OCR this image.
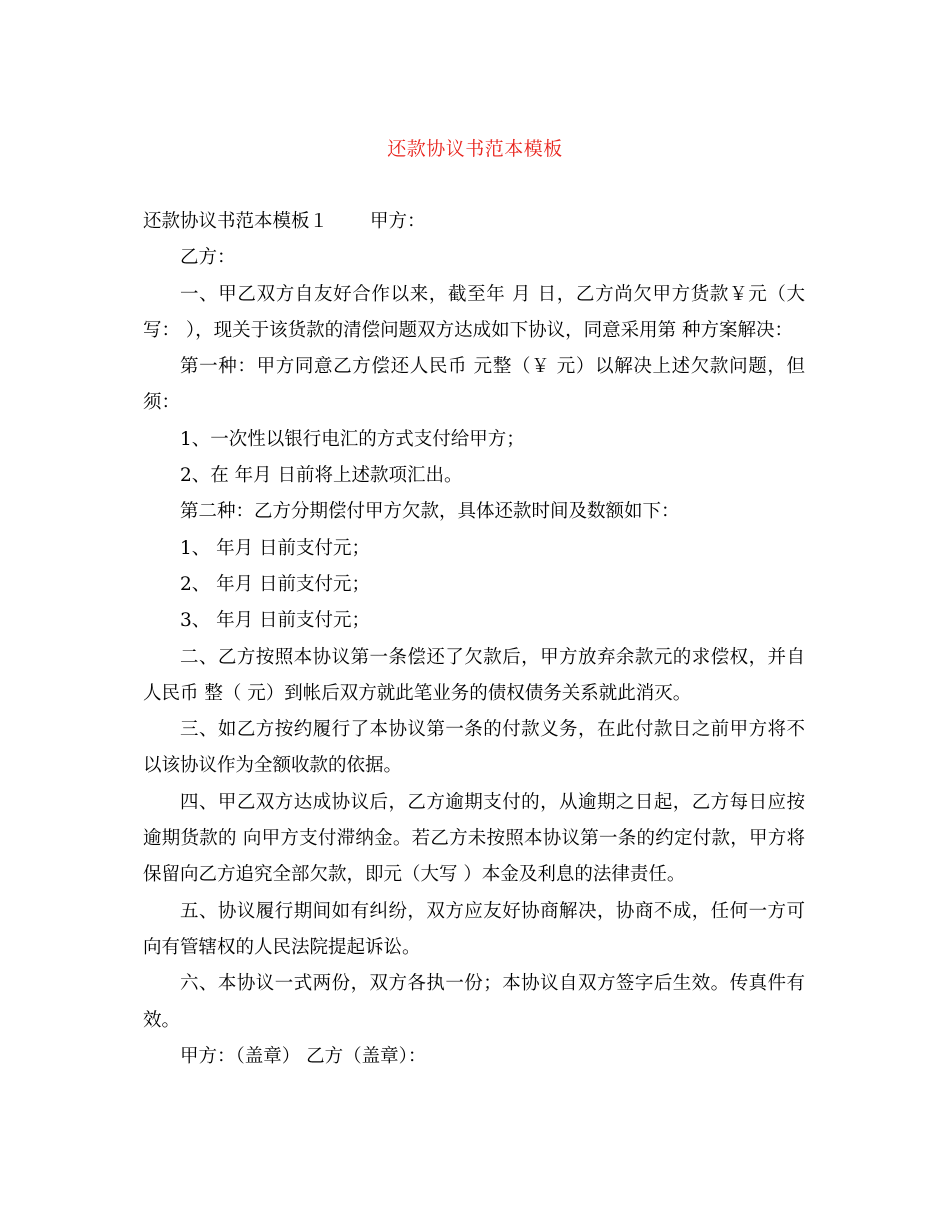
还款协议书范本模板

还款协议书范本模板１ 甲方：

乙方：

一、甲乙双方自友好合作以来，截至年 月 日，乙方尚欠甲方货款￥元（大写： ），现关于该货款的清偿问题双方达成如下协议，同意采用第 种方案解决：

第一种：甲方同意乙方偿还人民币 元整（￥ 元）以解决上述欠款问题，但须：

1、一次性以银行电汇的方式支付给甲方；

2、在 年月 日前将上述款项汇出。

第二种：乙方分期偿付甲方欠款，具体还款时间及数额如下：

1、 年月 日前支付元；

2、 年月 日前支付元；

3、 年月 日前支付元；

二、乙方按照本协议第一条偿还了欠款后，甲方放弃余款元的求偿权，并自人民币 整（ 元）到帐后双方就此笔业务的债权债务关系就此消灭。

三、如乙方按约履行了本协议第一条的付款义务，在此付款日之前甲方将不以该协议作为全额收款的依据。

四、甲乙双方达成协议后，乙方逾期支付的，从逾期之日起，乙方每日应按逾期货款的 向甲方支付滞纳金。若乙方未按照本协议第一条的约定付款，甲方将保留向乙方追究全部欠款，即元（大写 ）本金及利息的法律责任。

五、协议履行期间如有纠纷，双方应友好协商解决，协商不成，任何一方可向有管辖权的人民法院提起诉讼。

六、本协议一式两份，双方各执一份；本协议自双方签字后生效。传真件有效。

甲方：（盖章） 乙方（盖章）：
